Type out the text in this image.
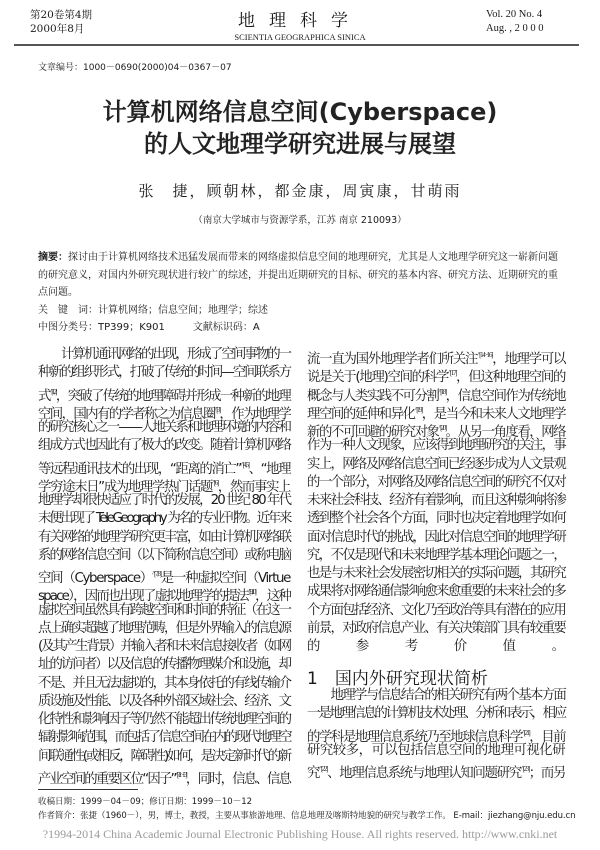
第20卷第4期
2000年8月	地理科学
SCIENTIA GEOGRAPHICA SINICA
Vol. 20 No. 4
Aug. , 2 0 0 0
文章编号：1000－0690(2000)04－0367－07
计算机网络信息空间(Cyberspace)
的人文地理学研究进展与展望
张　捷，顾朝林，都金康，周寅康，甘萌雨
（南京大学城市与资源学系，江苏 南京 210093）
摘要：探讨由于计算机网络技术迅猛发展而带来的网络虚拟信息空间的地理研究，尤其是人文地理学研究这一崭新问题的研究意义，对国内外研究现状进行较广的综述，并提出近期研究的目标、研究的基本内容、研究方法、近期研究的重点问题。
关　键　词：计算机网络；信息空间；地理学；综述
中图分类号：TP399；K901	文献标识码：A
　　计算机通讯网络的出现，形成了空间事物的一
种新的组织形式，打破了传统的时间—空间联系方
式$^{\^{}[1,2]}$，突破了传统的地理障碍并形成一种新的地理
空间，国内有的学者称之为信息圈$^{\^{}[3]}$，作为地理学
的研究核心之一——人地关系和地理环境的内容和
组成方式也因此有了极大的改变。随着计算机网络
等远程通讯技术的出现，“距离的消亡”$^{\^{}[4,5]}$、“地理
学穷途末日”成为地理学热门话题$^{\^{}[6]}$，然而事实上
地理学却很快适应了时代的发展，20 世纪 80 年代
末便出现了 TeleGeography 为名的专业刊物。近年来
有关网络的地理学研究更丰富，如由计算机网络联
系的网络信息空间（以下简称信息空间）或称电脑
空间（Cyberspace）$^{\^{}[7,8]}$是一种虚拟空间（Virtue
space），因而也出现了虚拟地理学的提法$^{\^{}[9,10]}$，这种
虚拟空间虽然具有跨越空间和时间的特征（在这一
点上确实超越了地理范畴，但是外界输入的信息源
(及其产生背景）并输入者和未来信息接收者（如网
址的访问者）以及信息的传播物理媒介和设施，却
不是、并且无法虚拟的，其本身依托的有线传输介
质设施及性能、以及各种外部区域社会、经济、文
化特性和影响因子等仍然不能超出传统地理空间的
辐射影响范围，而包括了信息空间在内的现代地理空
间联通性(或相反，障碍性)如何，是决定新时代的新
产业空间的重要区位“因子”$^{\^{}[11\sim 13]}$，同时，信息、信息
流一直为国外地理学者们所关注$^{\^{}[14\sim 16]}$，地理学可以
说是关于(地理)空间的科学$^{\^{}[17]}$，但这种地理空间的
概念与人类实践不可分割$^{\^{}[18]}$，信息空间作为传统地
理空间的延伸和异化$^{\^{}[19]}$，是当今和未来人文地理学
新的不可回避的研究对象$^{\^{}[20]}$。从另一角度看，网络
作为一种人文现象，应该得到地理研究的关注，事
实上，网络及网络信息空间已经逐步成为人文景观
的一个部分，对网络及网络信息空间的研究不仅对
未来社会科技、经济有着影响，而且这种影响将渗
透到整个社会各个方面，同时也决定着地理学如何
面对信息时代的挑战，因此对信息空间的地理学研
究，不仅是现代和未来地理学基本理论问题之一，
也是与未来社会发展密切相关的实际问题，其研究
成果将对网络通信影响愈来愈重要的未来社会的多
个方面包括经济、文化乃至政治等具有潜在的应用
前景，对政府信息产业、有关决策部门具有较重要
的参考价值。
　　地理学与信息结合的相关研究有两个基本方面
一是地理信息的计算机技术处理、分析和表示，相应
的学科是地理信息系统乃至地球信息科学$^{\^{}[21]}$，目前
研究较多，可以包括信息空间的地理可视化研
究$^{\^{}[22]}$、地理信息系统与地理认知问题研究$^{\^{}[23]}$；而另
1　国内外研究现状简析
收稿日期：1999－04－09；修订日期：1999－10－12
作者简介：张捷（1960－），男，博士，教授，主要从事旅游地理、信息地理及喀斯特地貌的研究与教学工作。 E-mail：jiezhang@nju.edu.cn
?1994-2014 China Academic Journal Electronic Publishing House. All rights reserved. http://www.cnki.net
